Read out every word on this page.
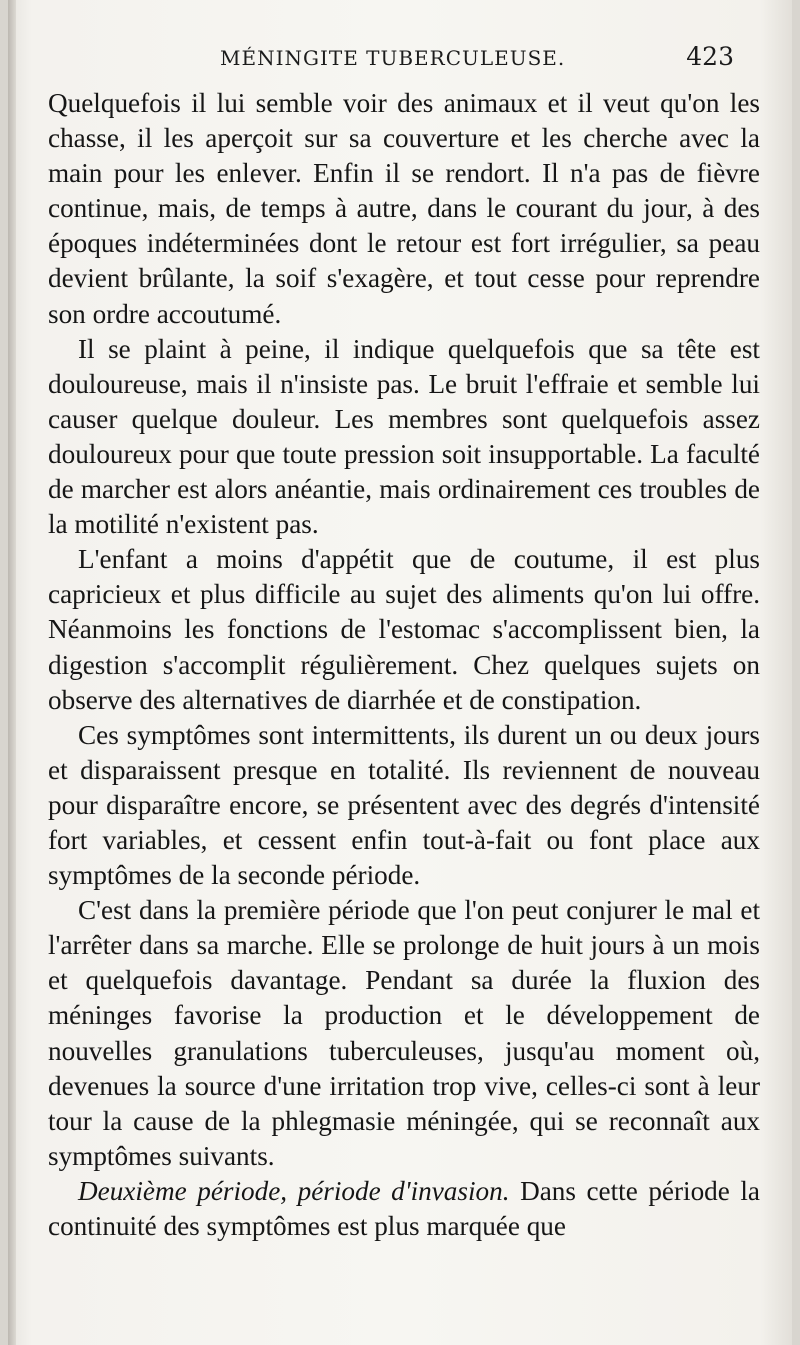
MÉNINGITE TUBERCULEUSE.	423

Quelquefois il lui semble voir des animaux et il veut qu'on les chasse, il les aperçoit sur sa couverture et les cherche avec la main pour les enlever. Enfin il se rendort. Il n'a pas de fièvre continue, mais, de temps à autre, dans le courant du jour, à des époques indéterminées dont le retour est fort irrégulier, sa peau devient brûlante, la soif s'exagère, et tout cesse pour reprendre son ordre accoutumé.

Il se plaint à peine, il indique quelquefois que sa tête est douloureuse, mais il n'insiste pas. Le bruit l'effraie et semble lui causer quelque douleur. Les membres sont quelquefois assez douloureux pour que toute pression soit insupportable. La faculté de marcher est alors anéantie, mais ordinairement ces troubles de la motilité n'existent pas.

L'enfant a moins d'appétit que de coutume, il est plus capricieux et plus difficile au sujet des aliments qu'on lui offre. Néanmoins les fonctions de l'estomac s'accomplissent bien, la digestion s'accomplit régulièrement. Chez quelques sujets on observe des alternatives de diarrhée et de constipation.

Ces symptômes sont intermittents, ils durent un ou deux jours et disparaissent presque en totalité. Ils reviennent de nouveau pour disparaître encore, se présentent avec des degrés d'intensité fort variables, et cessent enfin tout-à-fait ou font place aux symptômes de la seconde période.

C'est dans la première période que l'on peut conjurer le mal et l'arrêter dans sa marche. Elle se prolonge de huit jours à un mois et quelquefois davantage. Pendant sa durée la fluxion des méninges favorise la production et le développement de nouvelles granulations tuberculeuses, jusqu'au moment où, devenues la source d'une irritation trop vive, celles-ci sont à leur tour la cause de la phlegmasie méningée, qui se reconnaît aux symptômes suivants.

Deuxième période, période d'invasion. Dans cette période la continuité des symptômes est plus marquée que
